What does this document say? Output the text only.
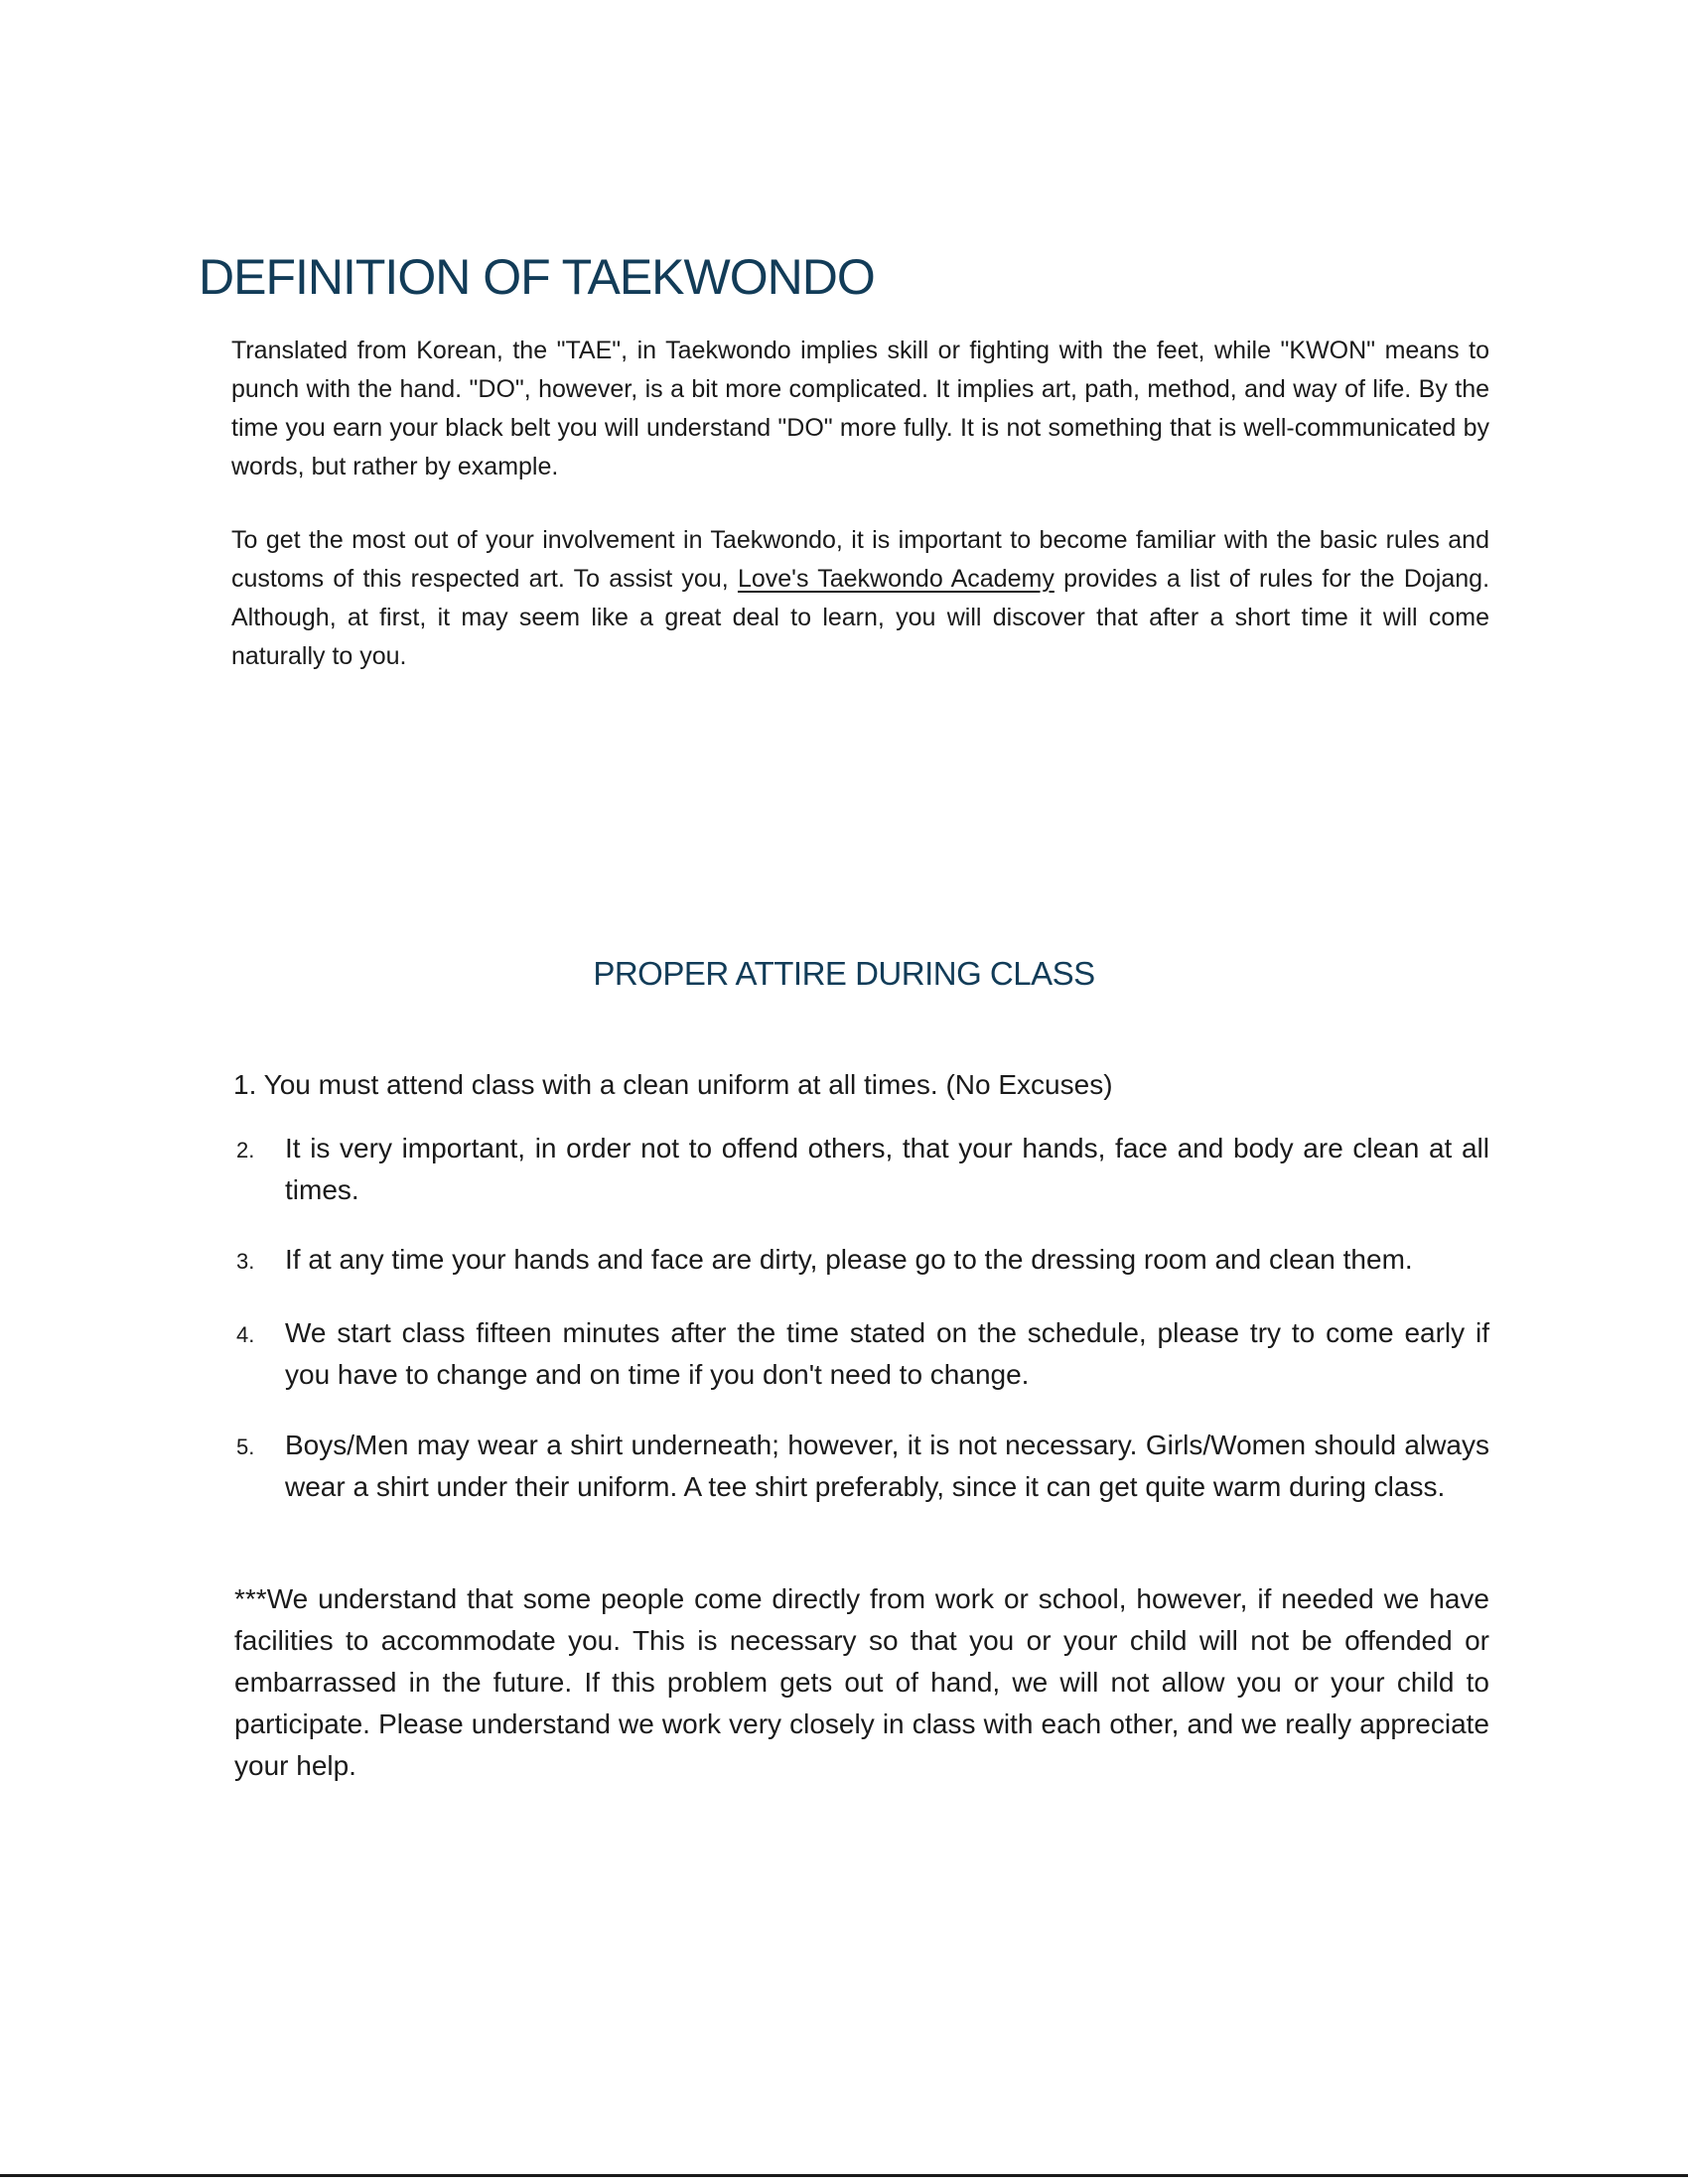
DEFINITION OF TAEKWONDO

Translated from Korean, the "TAE", in Taekwondo implies skill or fighting with the feet, while "KWON" means to punch with the hand. "DO", however, is a bit more complicated. It implies art, path, method, and way of life. By the time you earn your black belt you will understand "DO" more fully. It is not something that is well-communicated by words, but rather by example.

To get the most out of your involvement in Taekwondo, it is important to become familiar with the basic rules and customs of this respected art. To assist you, Love's Taekwondo Academy provides a list of rules for the Dojang. Although, at first, it may seem like a great deal to learn, you will discover that after a short time it will come naturally to you.

PROPER ATTIRE DURING CLASS

1. You must attend class with a clean uniform at all times. (No Excuses)

2.	It is very important, in order not to offend others, that your hands, face and body are clean at all times.
3.	If at any time your hands and face are dirty, please go to the dressing room and clean them.
4.	We start class fifteen minutes after the time stated on the schedule, please try to come early if you have to change and on time if you don't need to change.
5.	Boys/Men may wear a shirt underneath; however, it is not necessary. Girls/Women should always wear a shirt under their uniform. A tee shirt preferably, since it can get quite warm during class.

***We understand that some people come directly from work or school, however, if needed we have facilities to accommodate you. This is necessary so that you or your child will not be offended or embarrassed in the future. If this problem gets out of hand, we will not allow you or your child to participate. Please understand we work very closely in class with each other, and we really appreciate your help.
